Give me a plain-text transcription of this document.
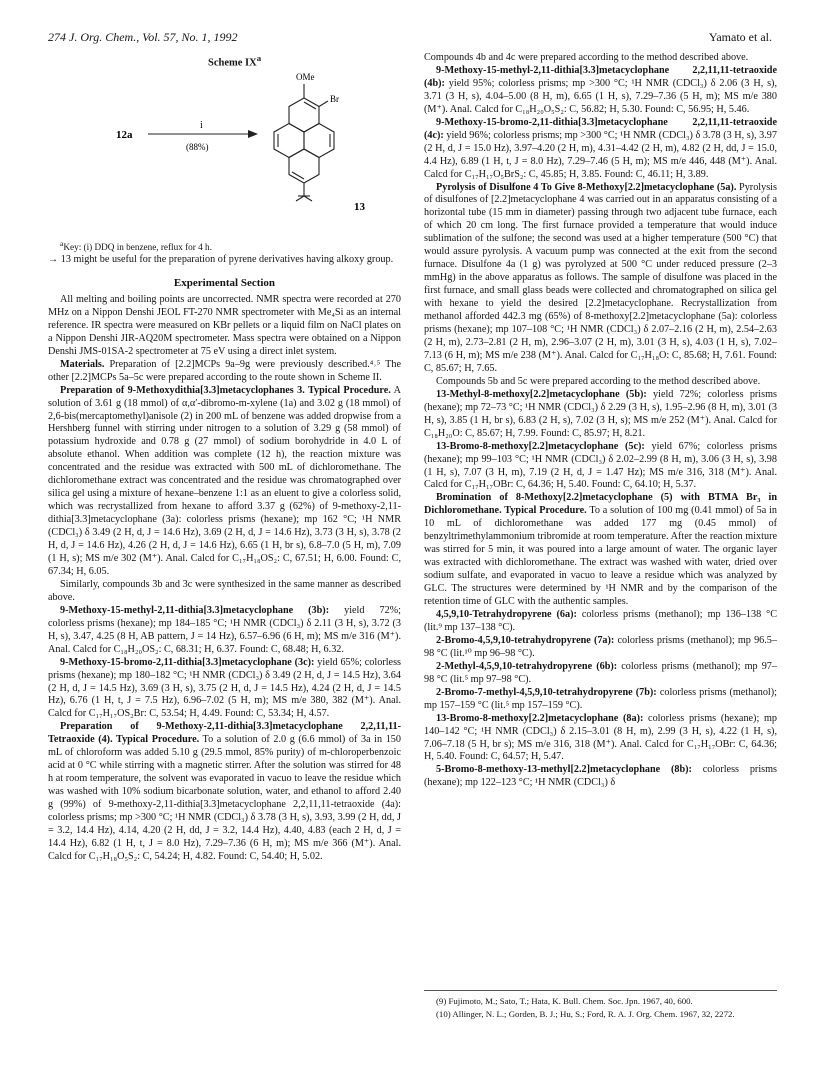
274 J. Org. Chem., Vol. 57, No. 1, 1992	Yamato et al.
Scheme $IX^a$
12a
i
(88%)
OMe
Br
13

$^a$Key: (i) DDQ in benzene, reflux for 4 h.

→ 13 might be useful for the preparation of pyrene derivatives having alkoxy group.

Experimental Section

All melting and boiling points are uncorrected. NMR spectra were recorded at 270 MHz on a Nippon Denshi JEOL FT-270 NMR spectrometer with Me₄Si as an internal reference. IR spectra were measured on KBr pellets or a liquid film on NaCl plates on a Nippon Denshi JIR-AQ20M spectrometer. Mass spectra were obtained on a Nippon Denshi JMS-01SA-2 spectrometer at 75 eV using a direct inlet system.

Materials. Preparation of [2.2]MCPs 9a–9g were previously described.⁴˒⁵ The other [2.2]MCPs 5a–5c were prepared according to the route shown in Scheme II.

Preparation of 9-Methoxydithia[3.3]metacyclophanes 3. Typical Procedure. A solution of 3.61 g (18 mmol) of α,α′-dibromo-m-xylene (1a) and 3.02 g (18 mmol) of 2,6-bis(mercaptomethyl)anisole (2) in 200 mL of benzene was added dropwise from a Hershberg funnel with stirring under nitrogen to a solution of 3.29 g (58 mmol) of potassium hydroxide and 0.78 g (27 mmol) of sodium borohydride in 4.0 L of absolute ethanol. When addition was complete (12 h), the reaction mixture was concentrated and the residue was extracted with 500 mL of dichloromethane. The dichloromethane extract was concentrated and the residue was chromatographed over silica gel using a mixture of hexane–benzene 1:1 as an eluent to give a colorless solid, which was recrystallized from hexane to afford 3.37 g (62%) of 9-methoxy-2,11-dithia[3.3]metacyclophane (3a): colorless prisms (hexane); mp 162 °C; ¹H NMR (CDCl₃) δ 3.49 (2 H, d, J = 14.6 Hz), 3.69 (2 H, d, J = 14.6 Hz), 3.73 (3 H, s), 3.78 (2 H, d, J = 14.6 Hz), 4.26 (2 H, d, J = 14.6 Hz), 6.65 (1 H, br s), 6.8–7.0 (5 H, m), 7.09 (1 H, s); MS m/e 302 (M⁺). Anal. Calcd for C₁₇H₁₈OS₂: C, 67.51; H, 6.00. Found: C, 67.34; H, 6.05.

Similarly, compounds 3b and 3c were synthesized in the same manner as described above.

9-Methoxy-15-methyl-2,11-dithia[3.3]metacyclophane (3b): yield 72%; colorless prisms (hexane); mp 184–185 °C; ¹H NMR (CDCl₃) δ 2.11 (3 H, s), 3.72 (3 H, s), 3.47, 4.25 (8 H, AB pattern, J = 14 Hz), 6.57–6.96 (6 H, m); MS m/e 316 (M⁺). Anal. Calcd for C₁₈H₂₀OS₂: C, 68.31; H, 6.37. Found: C, 68.48; H, 6.32.

9-Methoxy-15-bromo-2,11-dithia[3.3]metacyclophane (3c): yield 65%; colorless prisms (hexane); mp 180–182 °C; ¹H NMR (CDCl₃) δ 3.49 (2 H, d, J = 14.5 Hz), 3.64 (2 H, d, J = 14.5 Hz), 3.69 (3 H, s), 3.75 (2 H, d, J = 14.5 Hz), 4.24 (2 H, d, J = 14.5 Hz), 6.76 (1 H, t, J = 7.5 Hz), 6.96–7.02 (5 H, m); MS m/e 380, 382 (M⁺). Anal. Calcd for C₁₇H₁₇OS₂Br: C, 53.54; H, 4.49. Found: C, 53.34; H, 4.57.

Preparation of 9-Methoxy-2,11-dithia[3.3]metacyclophane 2,2,11,11-Tetraoxide (4). Typical Procedure. To a solution of 2.0 g (6.6 mmol) of 3a in 150 mL of chloroform was added 5.10 g (29.5 mmol, 85% purity) of m-chloroperbenzoic acid at 0 °C while stirring with a magnetic stirrer. After the solution was stirred for 48 h at room temperature, the solvent was evaporated in vacuo to leave the residue which was washed with 10% sodium bicarbonate solution, water, and ethanol to afford 2.40 g (99%) of 9-methoxy-2,11-dithia[3.3]metacyclophane 2,2,11,11-tetraoxide (4a): colorless prisms; mp >300 °C; ¹H NMR (CDCl₃) δ 3.78 (3 H, s), 3.93, 3.99 (2 H, dd, J = 3.2, 14.4 Hz), 4.14, 4.20 (2 H, dd, J = 3.2, 14.4 Hz), 4.40, 4.83 (each 2 H, d, J = 14.4 Hz), 6.82 (1 H, t, J = 8.0 Hz), 7.29–7.36 (6 H, m); MS m/e 366 (M⁺). Anal. Calcd for C₁₇H₁₈O₅S₂: C, 54.24; H, 4.82. Found: C, 54.40; H, 5.02.

Compounds 4b and 4c were prepared according to the method described above.

9-Methoxy-15-methyl-2,11-dithia[3.3]metacyclophane 2,2,11,11-tetraoxide (4b): yield 95%; colorless prisms; mp >300 °C; ¹H NMR (CDCl₃) δ 2.06 (3 H, s), 3.71 (3 H, s), 4.04–5.00 (8 H, m), 6.65 (1 H, s), 7.29–7.36 (5 H, m); MS m/e 380 (M⁺). Anal. Calcd for C₁₈H₂₀O₅S₂: C, 56.82; H, 5.30. Found: C, 56.95; H, 5.46.

9-Methoxy-15-bromo-2,11-dithia[3.3]metacyclophane 2,2,11,11-tetraoxide (4c): yield 96%; colorless prisms; mp >300 °C; ¹H NMR (CDCl₃) δ 3.78 (3 H, s), 3.97 (2 H, d, J = 15.0 Hz), 3.97–4.20 (2 H, m), 4.31–4.42 (2 H, m), 4.82 (2 H, dd, J = 15.0, 4.4 Hz), 6.89 (1 H, t, J = 8.0 Hz), 7.29–7.46 (5 H, m); MS m/e 446, 448 (M⁺). Anal. Calcd for C₁₇H₁₇O₅BrS₂: C, 45.85; H, 3.85. Found: C, 46.11; H, 3.89.

Pyrolysis of Disulfone 4 To Give 8-Methoxy[2.2]metacyclophane (5a). Pyrolysis of disulfones of [2.2]metacyclophane 4 was carried out in an apparatus consisting of a horizontal tube (15 mm in diameter) passing through two adjacent tube furnace, each of which 20 cm long. The first furnace provided a temperature that would induce sublimation of the sulfone; the second was used at a higher temperature (500 °C) that would assure pyrolysis. A vacuum pump was connected at the exit from the second furnace. Disulfone 4a (1 g) was pyrolyzed at 500 °C under reduced pressure (2–3 mmHg) in the above apparatus as follows. The sample of disulfone was placed in the first furnace, and small glass beads were collected and chromatographed on silica gel with hexane to yield the desired [2.2]metacyclophane. Recrystallization from methanol afforded 442.3 mg (65%) of 8-methoxy[2.2]metacyclophane (5a): colorless prisms (hexane); mp 107–108 °C; ¹H NMR (CDCl₃) δ 2.07–2.16 (2 H, m), 2.54–2.63 (2 H, m), 2.73–2.81 (2 H, m), 2.96–3.07 (2 H, m), 3.01 (3 H, s), 4.03 (1 H, s), 7.02–7.13 (6 H, m); MS m/e 238 (M⁺). Anal. Calcd for C₁₇H₁₈O: C, 85.68; H, 7.61. Found: C, 85.67; H, 7.65.

Compounds 5b and 5c were prepared according to the method described above.

13-Methyl-8-methoxy[2.2]metacyclophane (5b): yield 72%; colorless prisms (hexane); mp 72–73 °C; ¹H NMR (CDCl₃) δ 2.29 (3 H, s), 1.95–2.96 (8 H, m), 3.01 (3 H, s), 3.85 (1 H, br s), 6.83 (2 H, s), 7.02 (3 H, s); MS m/e 252 (M⁺). Anal. Calcd for C₁₈H₂₀O: C, 85.67; H, 7.99. Found: C, 85.97; H, 8.21.

13-Bromo-8-methoxy[2.2]metacyclophane (5c): yield 67%; colorless prisms (hexane); mp 99–103 °C; ¹H NMR (CDCl₃) δ 2.02–2.99 (8 H, m), 3.06 (3 H, s), 3.98 (1 H, s), 7.07 (3 H, m), 7.19 (2 H, d, J = 1.47 Hz); MS m/e 316, 318 (M⁺). Anal. Calcd for C₁₇H₁₇OBr: C, 64.36; H, 5.40. Found: C, 64.10; H, 5.37.

Bromination of 8-Methoxy[2.2]metacyclophane (5) with BTMA Br₃ in Dichloromethane. Typical Procedure. To a solution of 100 mg (0.41 mmol) of 5a in 10 mL of dichloromethane was added 177 mg (0.45 mmol) of benzyltrimethylammonium tribromide at room temperature. After the reaction mixture was stirred for 5 min, it was poured into a large amount of water. The organic layer was extracted with dichloromethane. The extract was washed with water, dried over sodium sulfate, and evaporated in vacuo to leave a residue which was analyzed by GLC. The structures were determined by ¹H NMR and by the comparison of the retention time of GLC with the authentic samples.

4,5,9,10-Tetrahydropyrene (6a): colorless prisms (methanol); mp 136–138 °C (lit.⁹ mp 137–138 °C).

2-Bromo-4,5,9,10-tetrahydropyrene (7a): colorless prisms (methanol); mp 96.5–98 °C (lit.¹⁰ mp 96–98 °C).

2-Methyl-4,5,9,10-tetrahydropyrene (6b): colorless prisms (methanol); mp 97–98 °C (lit.⁵ mp 97–98 °C).

2-Bromo-7-methyl-4,5,9,10-tetrahydropyrene (7b): colorless prisms (methanol); mp 157–159 °C (lit.⁵ mp 157–159 °C).

13-Bromo-8-methoxy[2.2]metacyclophane (8a): colorless prisms (hexane); mp 140–142 °C; ¹H NMR (CDCl₃) δ 2.15–3.01 (8 H, m), 2.99 (3 H, s), 4.22 (1 H, s), 7.06–7.18 (5 H, br s); MS m/e 316, 318 (M⁺). Anal. Calcd for C₁₇H₁₇OBr: C, 64.36; H, 5.40. Found: C, 64.57; H, 5.47.

5-Bromo-8-methoxy-13-methyl[2.2]metacyclophane (8b): colorless prisms (hexane); mp 122–123 °C; ¹H NMR (CDCl₃) δ

(9) Fujimoto, M.; Sato, T.; Hata, K. Bull. Chem. Soc. Jpn. 1967, 40, 600.

(10) Allinger, N. L.; Gorden, B. J.; Hu, S.; Ford, R. A. J. Org. Chem. 1967, 32, 2272.
